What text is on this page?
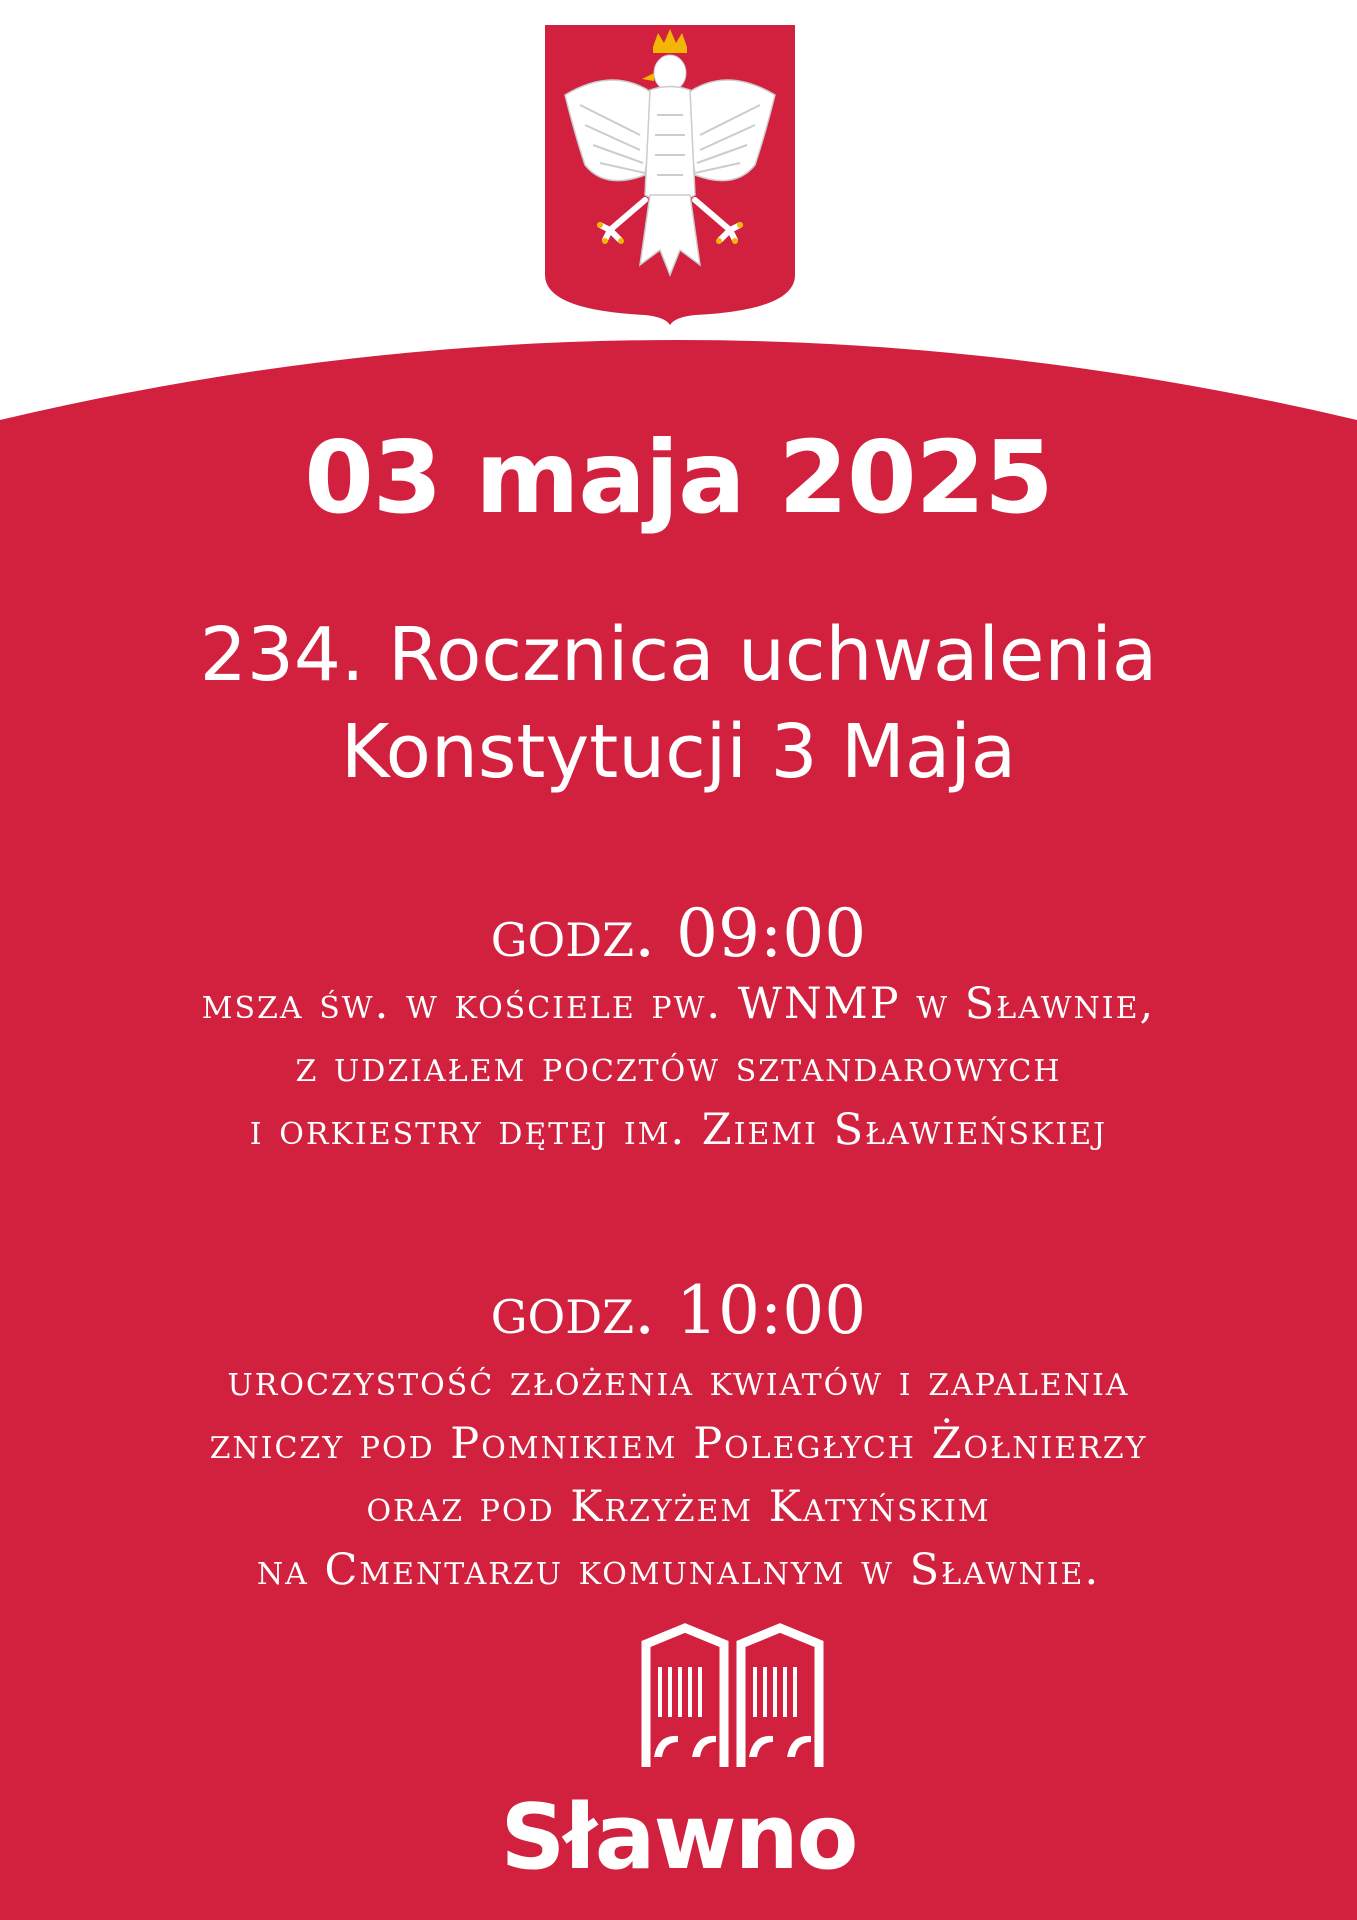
03 maja 2025
234. Rocznica uchwalenia
Konstytucji 3 Maja
godz. 09:00
msza św. w kościele pw. WNMP w Sławnie,
z udziałem pocztów sztandarowych
i orkiestry dętej im. Ziemi Sławieńskiej
godz. 10:00
uroczystość złożenia kwiatów i zapalenia
zniczy pod Pomnikiem Poległych Żołnierzy
oraz pod Krzyżem Katyńskim
na Cmentarzu komunalnym w Sławnie.
Sławno
